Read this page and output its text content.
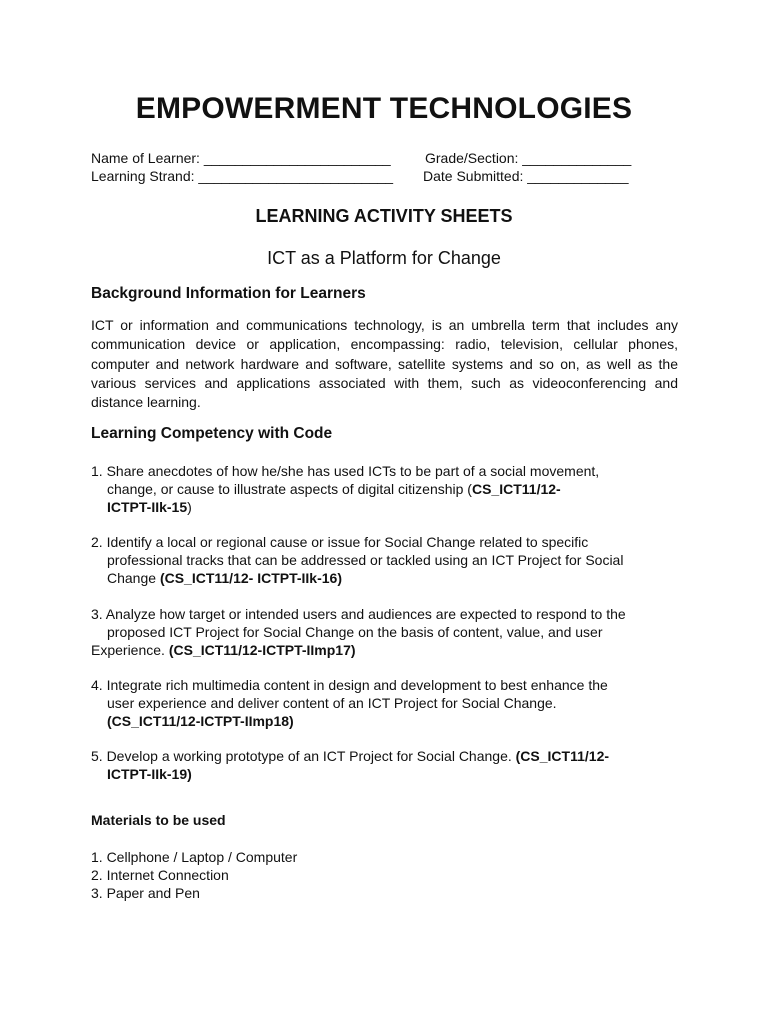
EMPOWERMENT TECHNOLOGIES
Name of Learner: ________________________ Grade/Section: ______________
Learning Strand: _________________________ Date Submitted: _____________
LEARNING ACTIVITY SHEETS
ICT as a Platform for Change
Background Information for Learners
ICT or information and communications technology, is an umbrella term that includes any communication device or application, encompassing: radio, television, cellular phones, computer and network hardware and software, satellite systems and so on, as well as the various services and applications associated with them, such as videoconferencing and distance learning.
Learning Competency with Code
1. Share anecdotes of how he/she has used ICTs to be part of a social movement,
change, or cause to illustrate aspects of digital citizenship (CS_ICT11/12-
ICTPT-IIk-15)
2. Identify a local or regional cause or issue for Social Change related to specific
professional tracks that can be addressed or tackled using an ICT Project for Social
Change (CS_ICT11/12- ICTPT-IIk-16)
3. Analyze how target or intended users and audiences are expected to respond to the
proposed ICT Project for Social Change on the basis of content, value, and user
Experience. (CS_ICT11/12-ICTPT-IImp17)
4. Integrate rich multimedia content in design and development to best enhance the
user experience and deliver content of an ICT Project for Social Change.
(CS_ICT11/12-ICTPT-IImp18)
5. Develop a working prototype of an ICT Project for Social Change. (CS_ICT11/12-
ICTPT-IIk-19)
Materials to be used
1. Cellphone / Laptop / Computer
2. Internet Connection
3. Paper and Pen
